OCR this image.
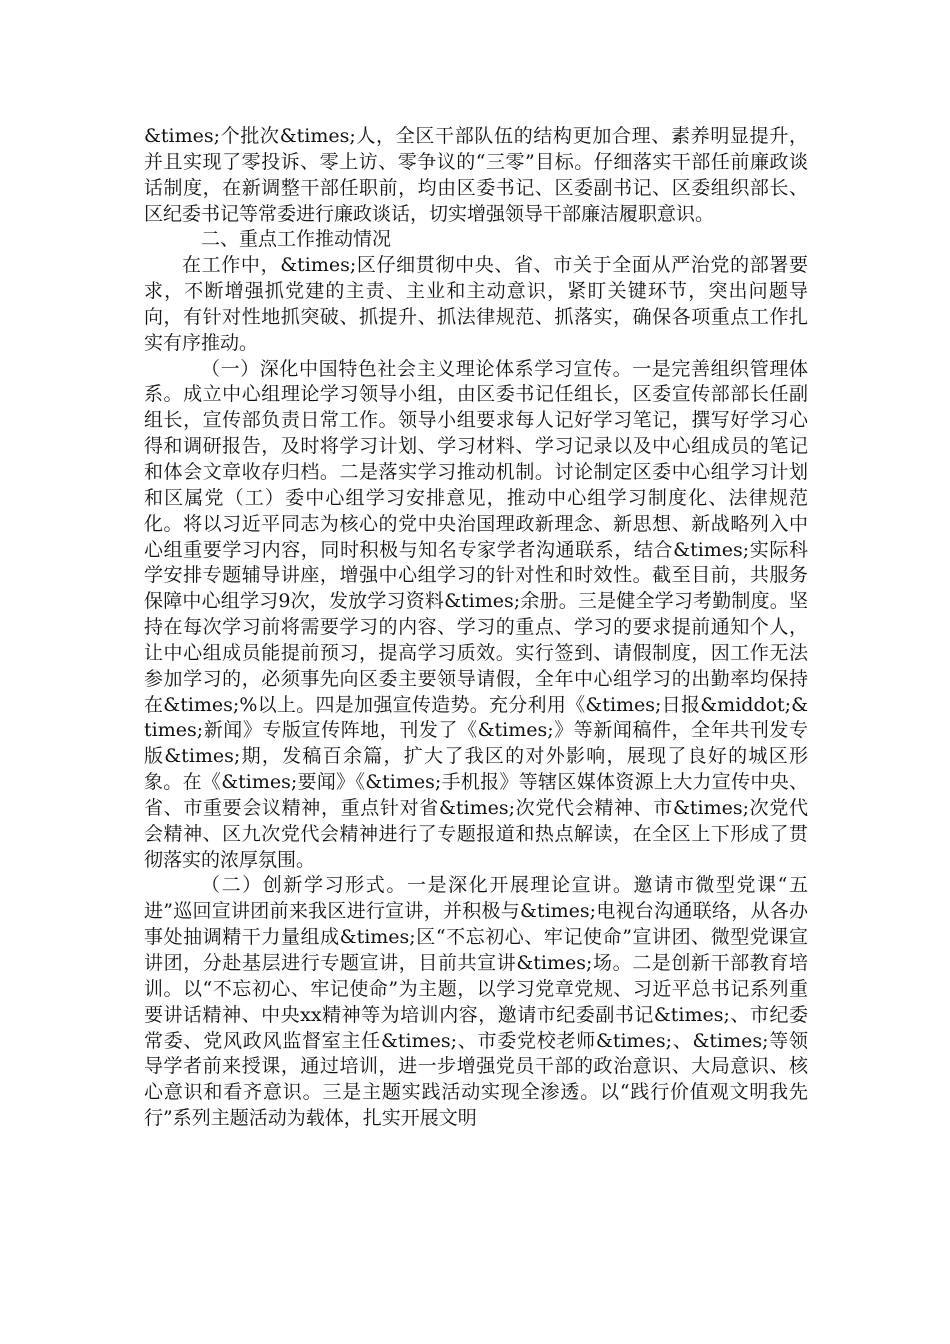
&times;个批次&times;人，全区干部队伍的结构更加合理、素养明显提升，并且实现了零投诉、零上访、零争议的“三零”目标。仔细落实干部任前廉政谈话制度，在新调整干部任职前，均由区委书记、区委副书记、区委组织部长、区纪委书记等常委进行廉政谈话，切实增强领导干部廉洁履职意识。

二、重点工作推动情况

在工作中，&times;区仔细贯彻中央、省、市关于全面从严治党的部署要求，不断增强抓党建的主责、主业和主动意识，紧盯关键环节，突出问题导向，有针对性地抓突破、抓提升、抓法律规范、抓落实，确保各项重点工作扎实有序推动。

（一）深化中国特色社会主义理论体系学习宣传。一是完善组织管理体系。成立中心组理论学习领导小组，由区委书记任组长，区委宣传部部长任副组长，宣传部负责日常工作。领导小组要求每人记好学习笔记，撰写好学习心得和调研报告，及时将学习计划、学习材料、学习记录以及中心组成员的笔记和体会文章收存归档。二是落实学习推动机制。讨论制定区委中心组学习计划和区属党（工）委中心组学习安排意见，推动中心组学习制度化、法律规范化。将以习近平同志为核心的党中央治国理政新理念、新思想、新战略列入中心组重要学习内容，同时积极与知名专家学者沟通联系，结合&times;实际科学安排专题辅导讲座，增强中心组学习的针对性和时效性。截至目前，共服务保障中心组学习9次，发放学习资料&times;余册。三是健全学习考勤制度。坚持在每次学习前将需要学习的内容、学习的重点、学习的要求提前通知个人，让中心组成员能提前预习，提高学习质效。实行签到、请假制度，因工作无法参加学习的，必须事先向区委主要领导请假，全年中心组学习的出勤率均保持在&times;%以上。四是加强宣传造势。充分利用《&times;日报&middot;&times;新闻》专版宣传阵地，刊发了《&times;》等新闻稿件，全年共刊发专版&times;期，发稿百余篇，扩大了我区的对外影响，展现了良好的城区形象。在《&times;要闻》《&times;手机报》等辖区媒体资源上大力宣传中央、省、市重要会议精神，重点针对省&times;次党代会精神、市&times;次党代会精神、区九次党代会精神进行了专题报道和热点解读，在全区上下形成了贯彻落实的浓厚氛围。

（二）创新学习形式。一是深化开展理论宣讲。邀请市微型党课“五进”巡回宣讲团前来我区进行宣讲，并积极与&times;电视台沟通联络，从各办事处抽调精干力量组成&times;区“不忘初心、牢记使命”宣讲团、微型党课宣讲团，分赴基层进行专题宣讲，目前共宣讲&times;场。二是创新干部教育培训。以“不忘初心、牢记使命”为主题，以学习党章党规、习近平总书记系列重要讲话精神、中央xx精神等为培训内容，邀请市纪委副书记&times;、市纪委常委、党风政风监督室主任&times;、市委党校老师&times;、&times;等领导学者前来授课，通过培训，进一步增强党员干部的政治意识、大局意识、核心意识和看齐意识。三是主题实践活动实现全渗透。以“践行价值观文明我先行”系列主题活动为载体，扎实开展文明
